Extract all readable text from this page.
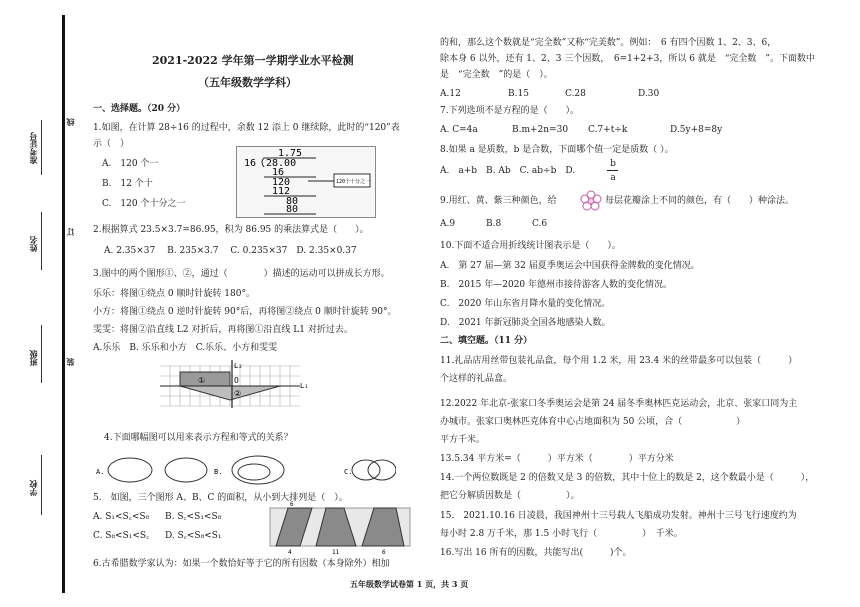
准考证号
线
姓名
订
班级	装
学校
2021-2022 学年第一学期学业水平检测
（五年级数学学科）
一、选择题。（20 分）
1.如图，在计算 28÷16 的过程中，余数 12 添上 0 继续除，此时的“120”表
示（　）
A.　120 个一
B.　12 个十
C.　120 个十分之一
1.75
16 28.00
16
120
112
80
80
120个十分之一
2.根据算式 23.5×3.7=86.95，积为 86.95 的乘法算式是（　　）。
A. 2.35×37　 B. 235×3.7　 C. 0.235×37　D. 2.35×0.37
3.图中的两个图形①、②，通过（　　　　）描述的运动可以拼成长方形。
乐乐：将图①绕点 0 顺时针旋转 180°。
小方：将图①绕点 0 逆时针旋转 90°后，再将图②绕点 0 顺时针旋转 90°。
雯雯：将图②沿直线 L2 对折后，再将图①沿直线 L1 对折过去。
A.乐乐　B. 乐乐和小方　C.乐乐、小方和雯雯
L₂
L₁
O
①
②
4.下面哪幅图可以用来表示方程和等式的关系？
A.	B.	C.
5.　如图，三个图形 A、B、C 的面积，从小到大排列是（　）。
A. S₁<S꜀<S₈ B. S꜀<S₁<S₈
C. S₈<S₁<S꜀ D. S꜀<S₈<S₁
6
4	11	6
6.古希腊数学家认为：如果一个数恰好等于它的所有因数（本身除外）相加
的和，那么这个数就是“完全数”又称“完美数”。例如：　6 有四个因数 1、2、3、6，
除本身 6 以外，还有 1、2、3 三个因数，　6=1+2+3，所以 6 就是　“完全数　”。下面数中
是　“完全数　”的是（　）。
A.12	B.15	C.28	D.30
7.下列选项不是方程的是（　　）。
A. C=4a	B.m+2n=30 C.7+t÷k	D.5y+8=8y
8.如果 a 是质数，b 是合数，下面哪个值一定是质数（ ）。
A.　a+b　B. Ab　C. ab÷b　D.
b
a
9.用红、黄、紫三种颜色，给	每层花瓣涂上不同的颜色，有（　　）种涂法。
A.9	B.8	C.6
10.下面不适合用折线统计图表示是（　　）。
A.　第 27 届—第 32 届夏季奥运会中国获得金牌数的变化情况。
B.　2015 年—2020 年德州市接待游客人数的变化情况。
C.　2020 年山东省月降水量的变化情况。
D.　2021 年新冠肺炎全国各地感染人数。
二、填空题。（11 分）
11.礼品店用丝带包装礼品盒，每个用 1.2 米，用 23.4 米的丝带最多可以包装（　　　）
个这样的礼品盒。
12.2022 年北京-张家口冬季奥运会是第 24 届冬季奥林匹克运动会，北京、张家口同为主
办城市。张家口奥林匹克体育中心占地面积为 50 公顷，合（　　　　　　）
平方千米。
13.5.34 平方米=（　　　）平方米（　　　　）平方分米
14.一个两位数既是 2 的倍数又是 3 的倍数，其中十位上的数是 2，这个数最小是（　　　），
把它分解质因数是（　　　　　）。
15.　2021.10.16 日凌晨，我国神州十三号载人飞船成功发射。神州十三号飞行速度约为
每小时 2.8 万千米，那 1.5 小时飞行（　　　　　）　千米。
16.写出 16 所有的因数，共能写出(　　　)个。
五年级数学试卷第 1 页，共 3 页
